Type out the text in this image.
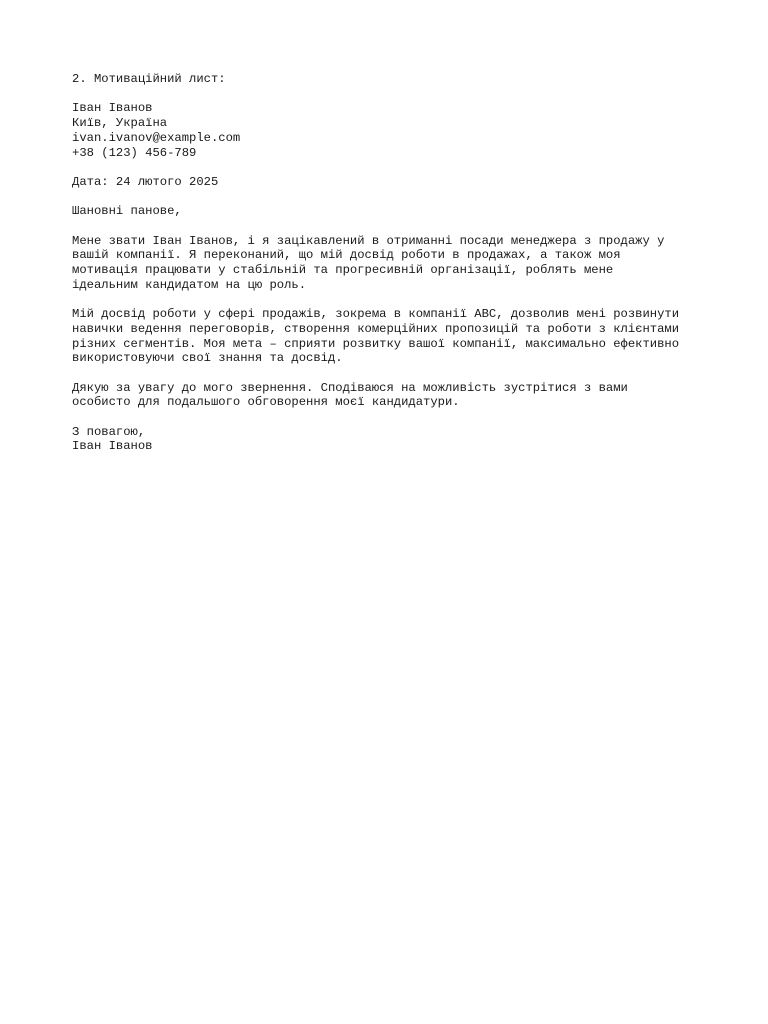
2. Мотиваційний лист:
Іван Іванов
Київ, Україна
ivan.ivanov@example.com
+38 (123) 456-789
Дата: 24 лютого 2025
Шановні панове,
Мене звати Іван Іванов, і я зацікавлений в отриманні посади менеджера з продажу у
вашій компанії. Я переконаний, що мій досвід роботи в продажах, а також моя
мотивація працювати у стабільній та прогресивній організації, роблять мене
ідеальним кандидатом на цю роль.
Мій досвід роботи у сфері продажів, зокрема в компанії ABC, дозволив мені розвинути
навички ведення переговорів, створення комерційних пропозицій та роботи з клієнтами
різних сегментів. Моя мета – сприяти розвитку вашої компанії, максимально ефективно
використовуючи свої знання та досвід.
Дякую за увагу до мого звернення. Сподіваюся на можливість зустрітися з вами
особисто для подальшого обговорення моєї кандидатури.
З повагою,
Іван Іванов
